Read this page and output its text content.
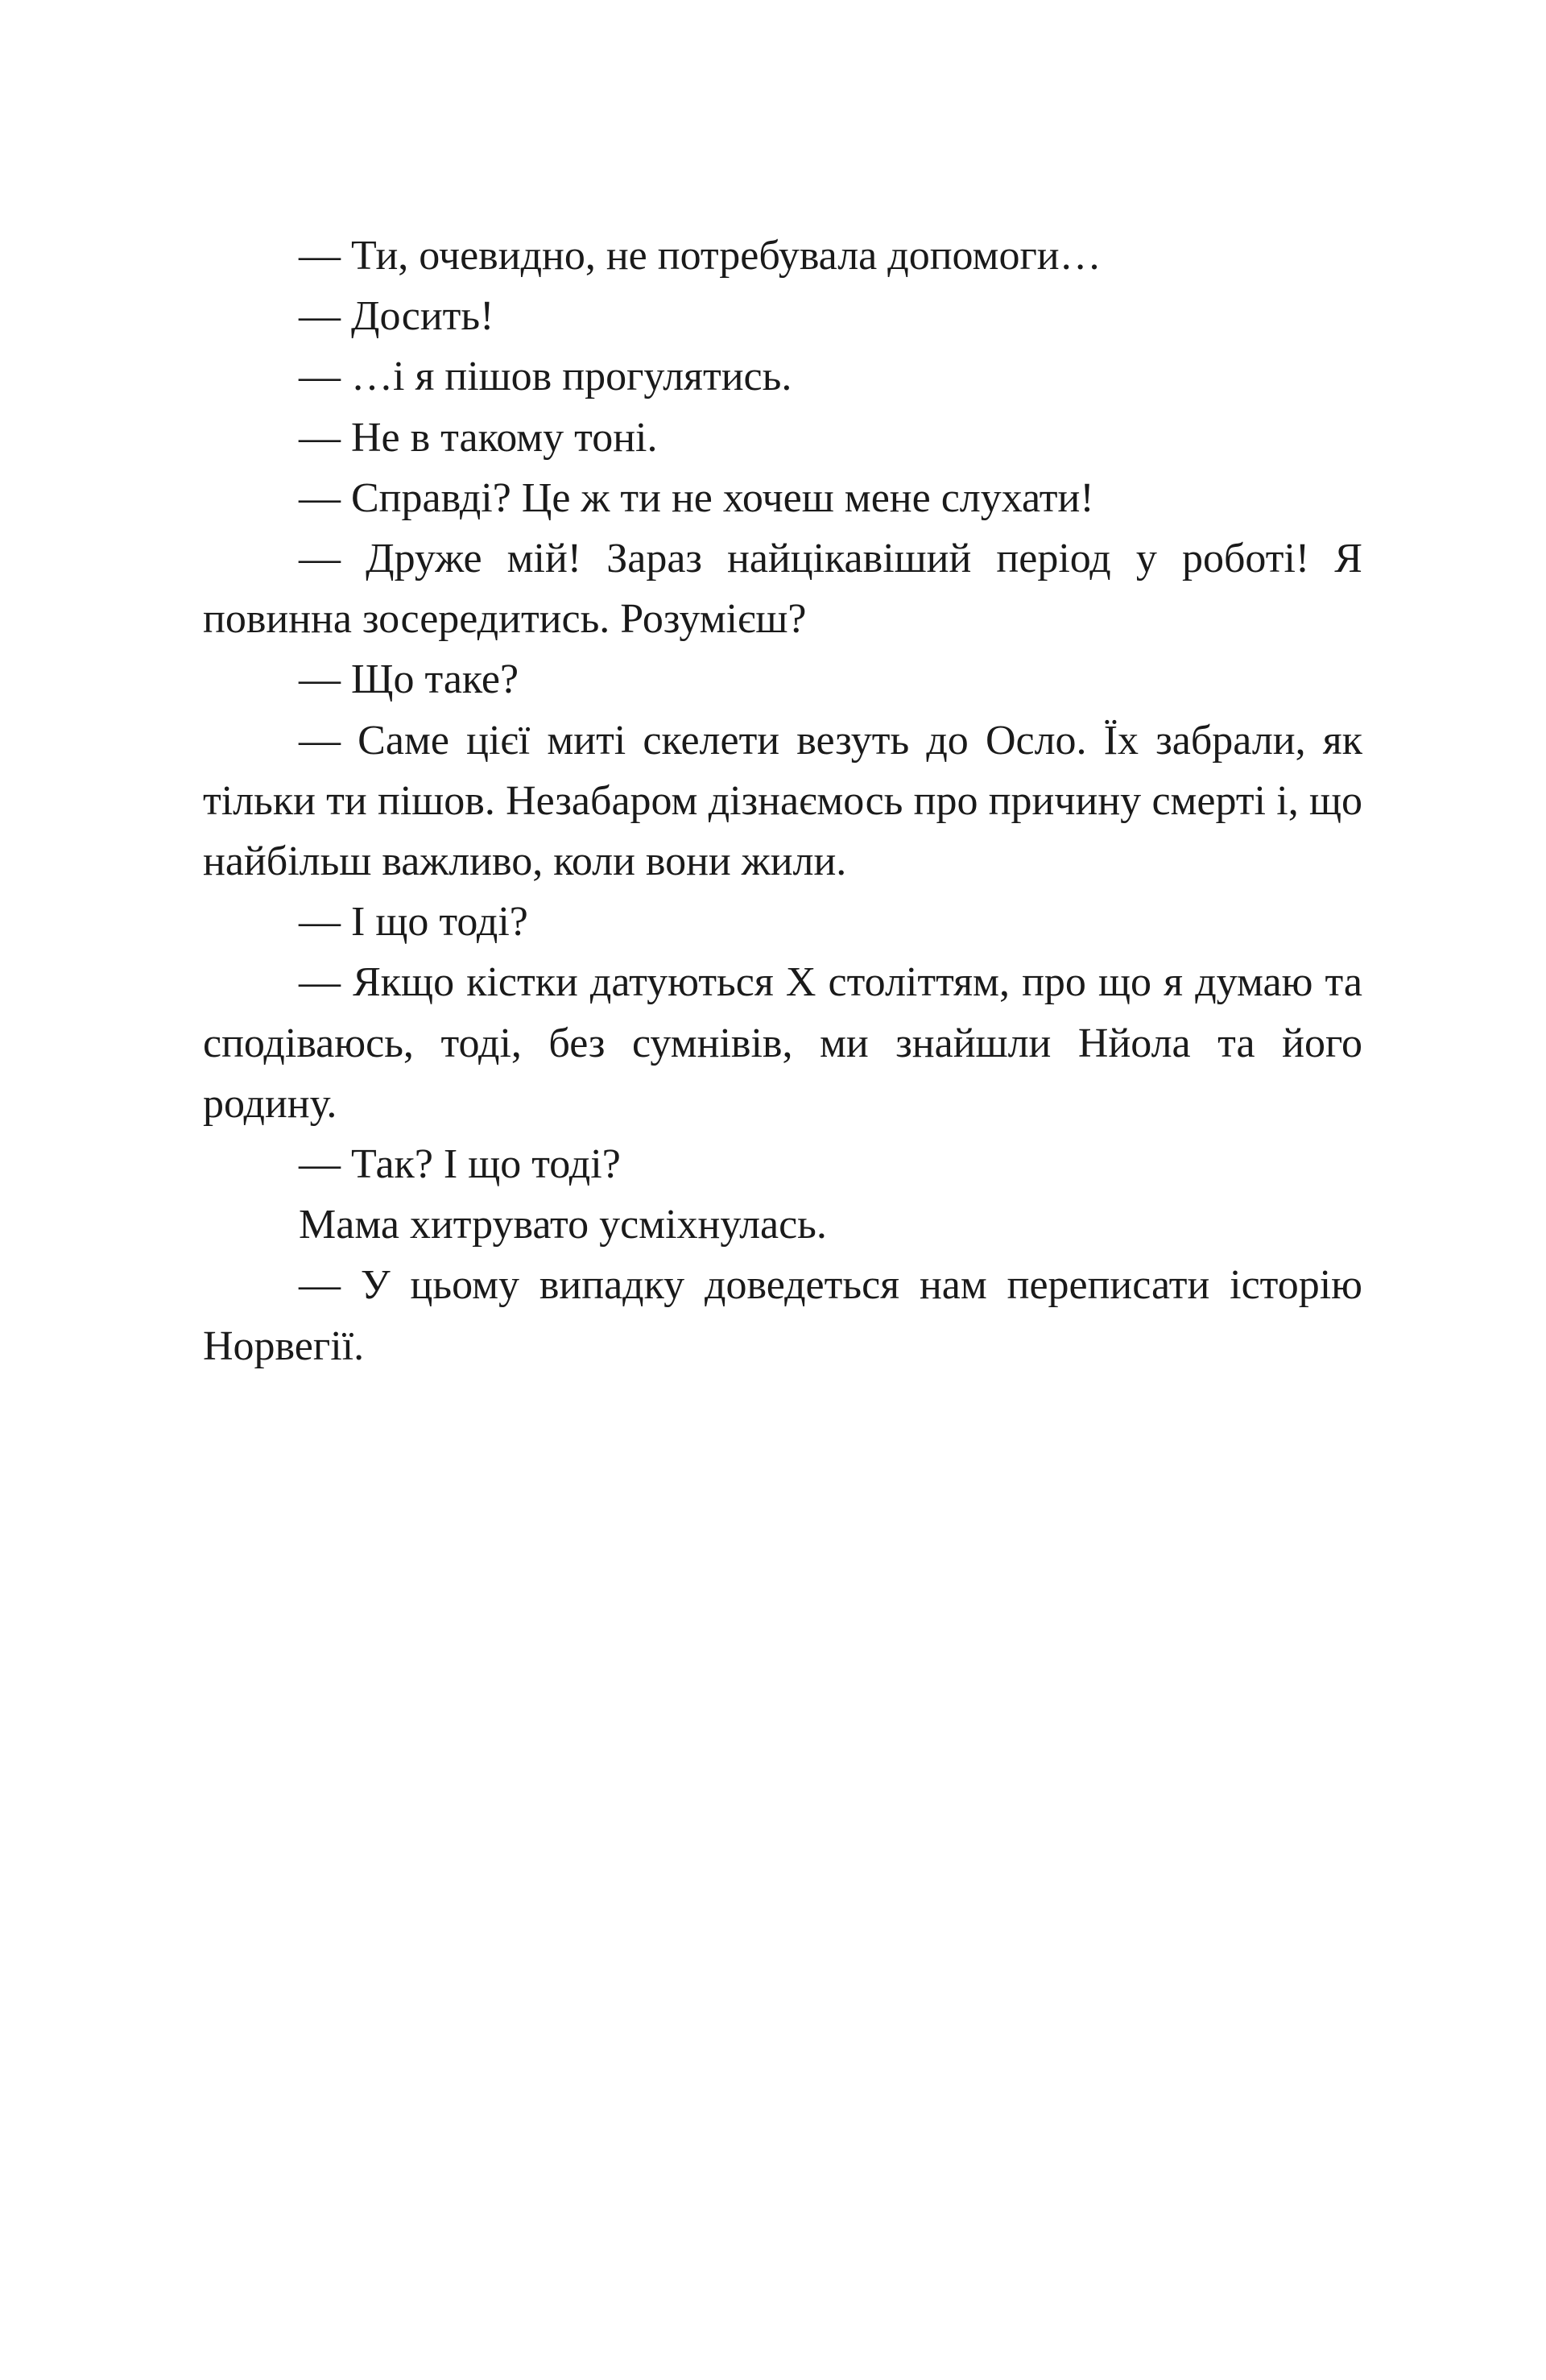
— Ти, очевидно, не потребувала допомоги…

— Досить!

— …і я пішов прогулятись.

— Не в такому тоні.

— Справді? Це ж ти не хочеш мене слухати!

— Друже мій! Зараз найцікавіший період у роботі! Я повинна зосередитись. Розумієш?

— Що таке?

— Саме цієї миті скелети везуть до Осло. Їх забрали, як тільки ти пішов. Незабаром дізнаємось про причину смерті і, що найбільш важливо, коли вони жили.

— І що тоді?

— Якщо кістки датуються X століттям, про що я думаю та сподіваюсь, тоді, без сумнівів, ми знайшли Нйола та його родину.

— Так? І що тоді?

Мама хитрувато усміхнулась.

— У цьому випадку доведеться нам переписати історію Норвегії.
